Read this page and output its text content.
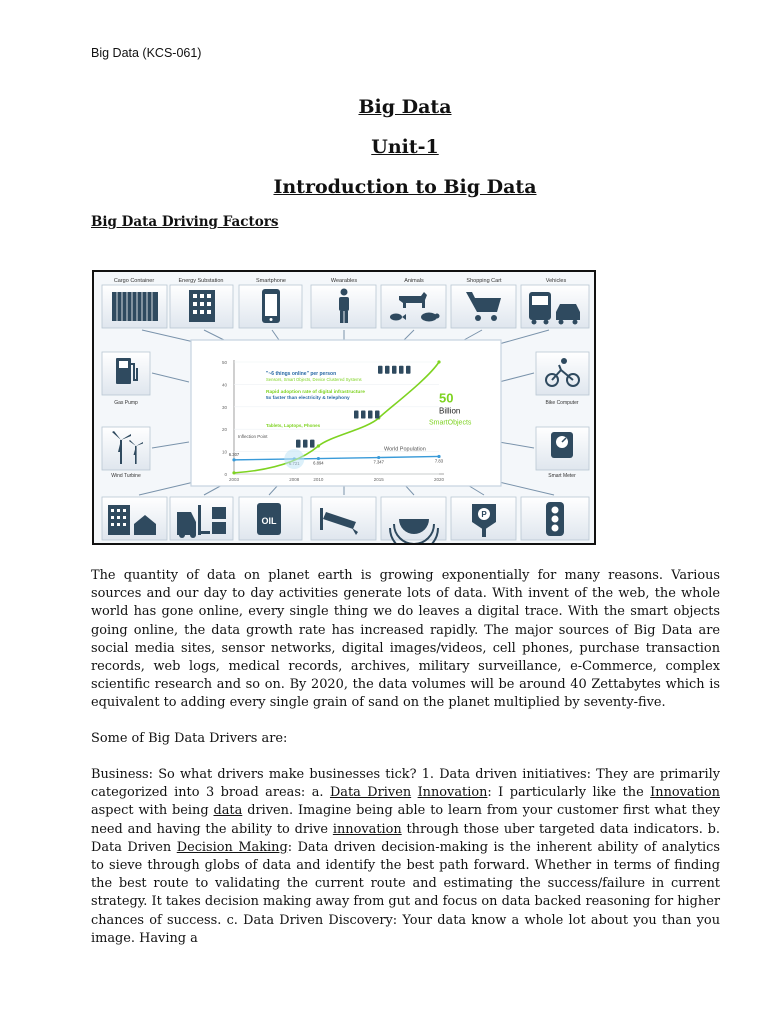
Big Data (KCS-061)
Big Data
Unit-1
Introduction to Big Data
Big Data Driving Factors
Cargo Container	Energy Substation	Smartphone	Wearables	Animals	Shopping Cart	Vehicles
Gas Pump
Wind Turbine
Bike Computer
Smart Meter
OIL
P
50
40
30
20
10
0
2003	2008	2010	2015	2020
6.307
6.894	7.347	7.83
Inflection Point
"~6 things online" per person
Sensors, Smart Objects, Device Clustered Systems
Rapid adoption rate of digital infrastructure
5x faster than electricity & telephony
Tablets, Laptops, Phones
50
Billion
SmartObjects
World Population

The quantity of data on planet earth is growing exponentially for many reasons. Various sources and our day to day activities generate lots of data. With invent of the web, the whole world has gone online, every single thing we do leaves a digital trace. With the smart objects going online, the data growth rate has increased rapidly. The major sources of Big Data are social media sites, sensor networks, digital images/videos, cell phones, purchase transaction records, web logs, medical records, archives, military surveillance, e-Commerce, complex scientific research and so on. By 2020, the data volumes will be around 40 Zettabytes which is equivalent to adding every single grain of sand on the planet multiplied by seventy-five.

Some of Big Data Drivers are:

Business: So what drivers make businesses tick? 1. Data driven initiatives: They are primarily categorized into 3 broad areas: a. Data Driven Innovation: I particularly like the Innovation aspect with being data driven. Imagine being able to learn from your customer first what they need and having the ability to drive innovation through those uber targeted data indicators. b. Data Driven Decision Making: Data driven decision-making is the inherent ability of analytics to sieve through globs of data and identify the best path forward. Whether in terms of finding the best route to validating the current route and estimating the success/failure in current strategy. It takes decision making away from gut and focus on data backed reasoning for higher chances of success. c. Data Driven Discovery: Your data know a whole lot about you than you image. Having a
